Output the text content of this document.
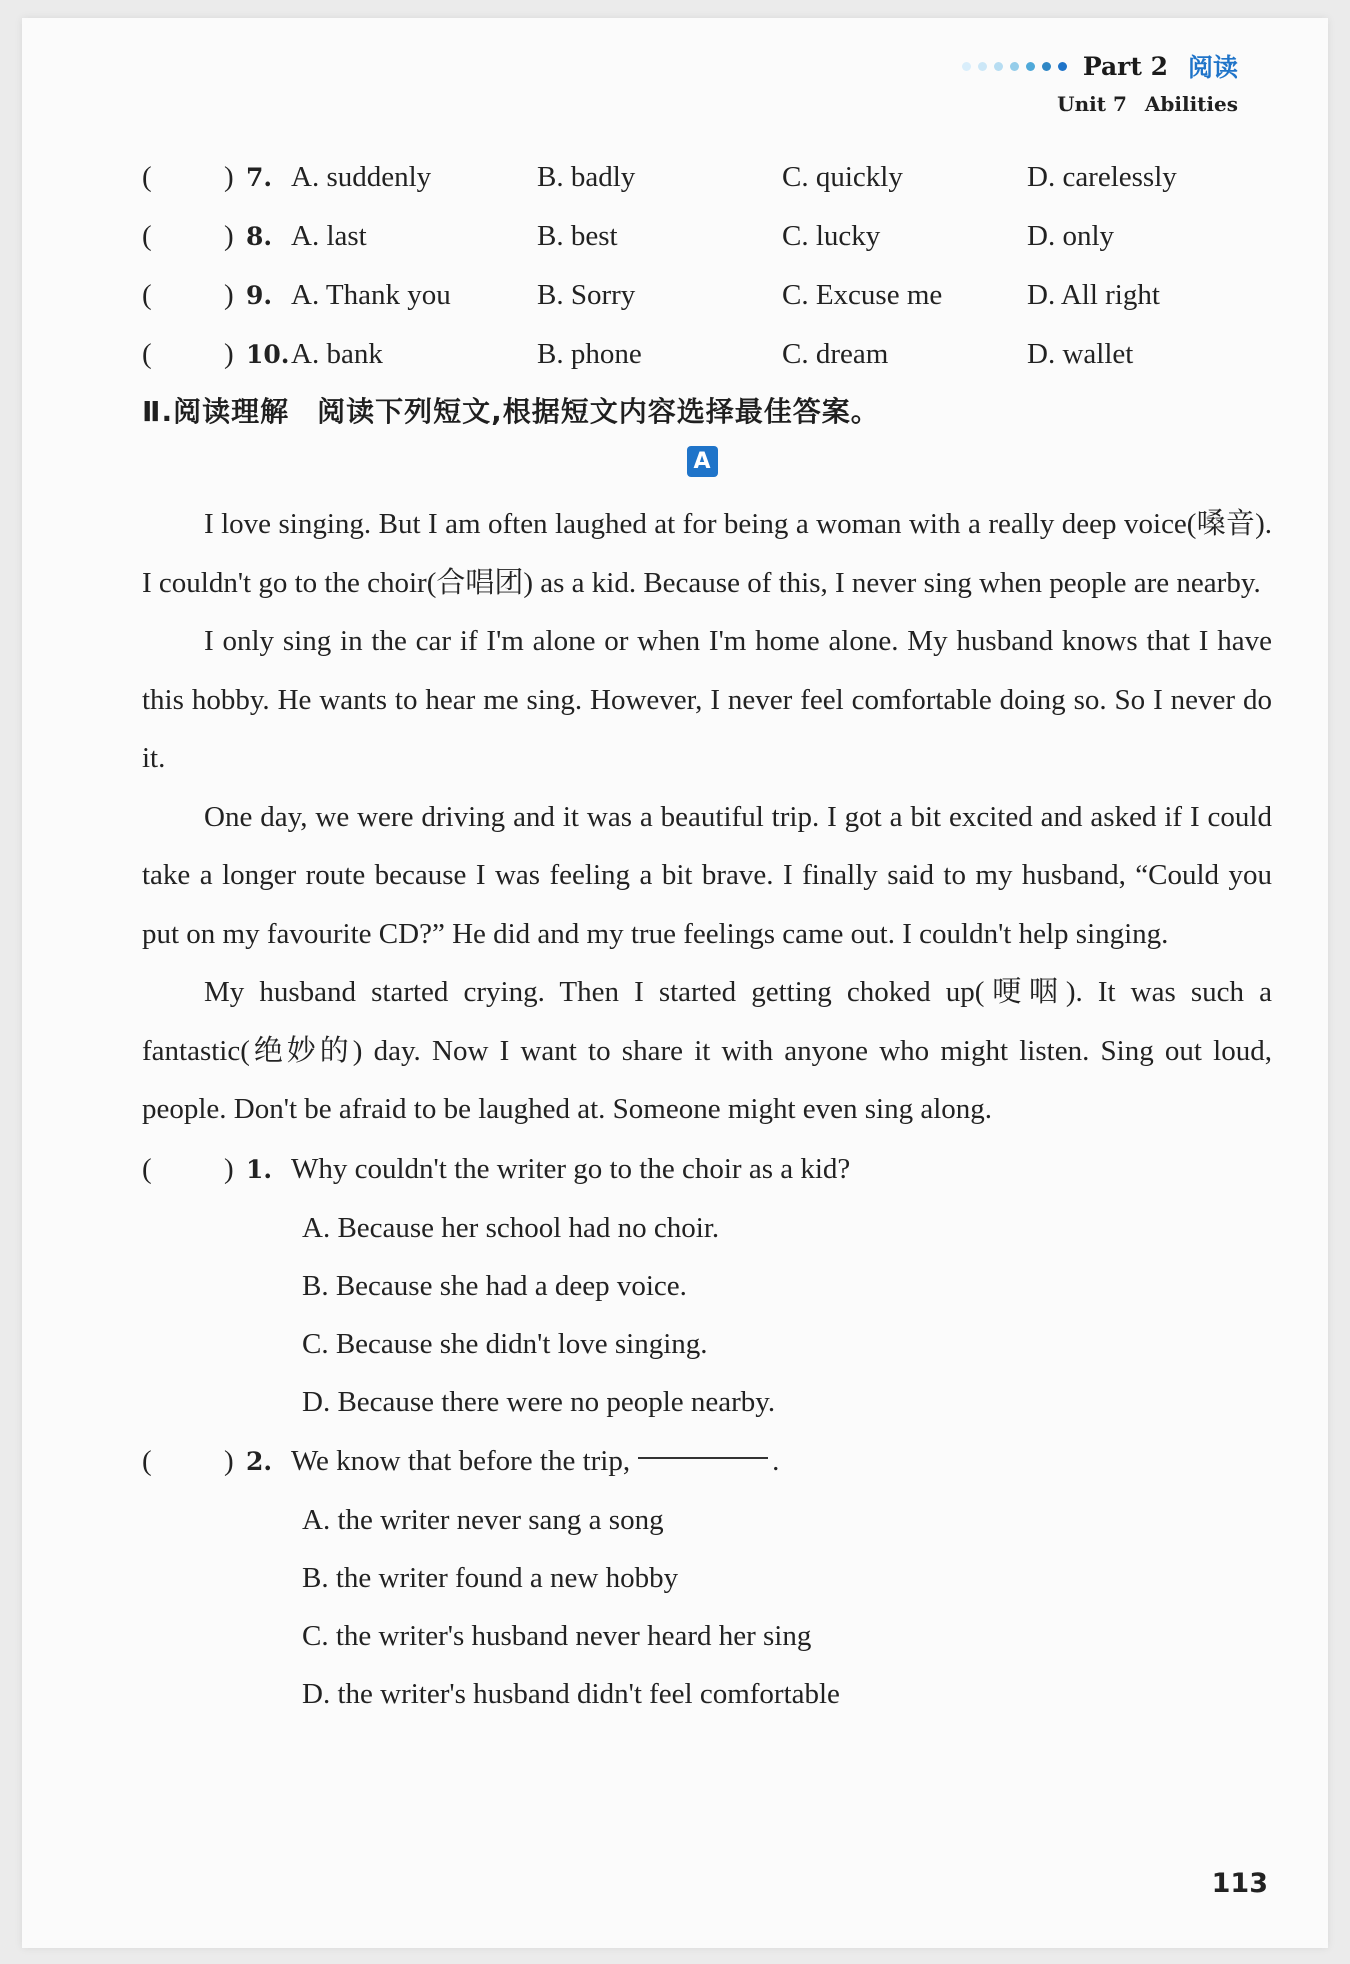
Part 2 阅读
Unit 7 Abilities
(	) 7. A. suddenly	B. badly	C. quickly	D. carelessly
(	) 8. A. last	B. best	C. lucky	D. only
(	) 9. A. Thank you	B. Sorry	C. Excuse me	D. All right
(	) 10. A. bank	B. phone	C. dream	D. wallet
Ⅱ.阅读理解 阅读下列短文,根据短文内容选择最佳答案。
A

I love singing. But I am often laughed at for being a woman with a really deep voice(嗓音). I couldn't go to the choir(合唱团) as a kid. Because of this, I never sing when people are nearby.

I only sing in the car if I'm alone or when I'm home alone. My husband knows that I have this hobby. He wants to hear me sing. However, I never feel comfortable doing so. So I never do it.

One day, we were driving and it was a beautiful trip. I got a bit excited and asked if I could take a longer route because I was feeling a bit brave. I finally said to my husband, “Could you put on my favourite CD?” He did and my true feelings came out. I couldn't help singing.

My husband started crying. Then I started getting choked up(哽咽). It was such a fantastic(绝妙的) day. Now I want to share it with anyone who might listen. Sing out loud, people. Don't be afraid to be laughed at. Someone might even sing along.

(	) 1. Why couldn't the writer go to the choir as a kid?
A. Because her school had no choir.
B. Because she had a deep voice.
C. Because she didn't love singing.
D. Because there were no people nearby.
(	) 2. We know that before the trip,	.
A. the writer never sang a song
B. the writer found a new hobby
C. the writer's husband never heard her sing
D. the writer's husband didn't feel comfortable
113
